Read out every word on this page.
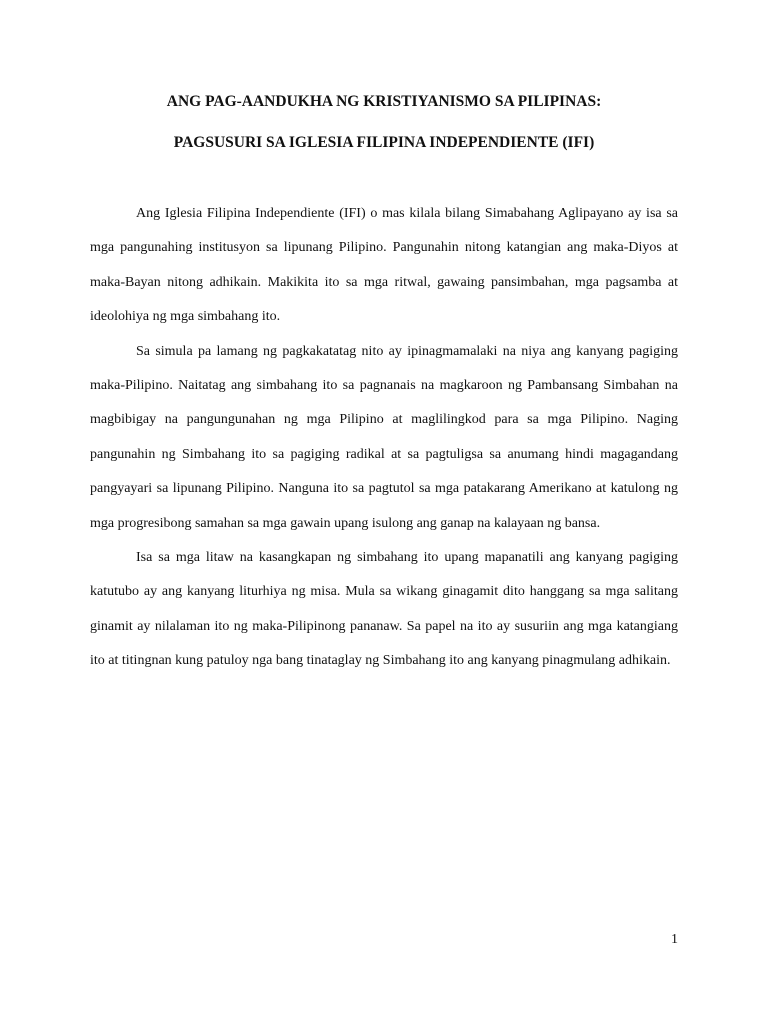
ANG PAG-AANDUKHA NG KRISTIYANISMO SA PILIPINAS:
PAGSUSURI SA IGLESIA FILIPINA INDEPENDIENTE (IFI)

Ang Iglesia Filipina Independiente (IFI) o mas kilala bilang Simabahang Aglipayano ay isa sa mga pangunahing institusyon sa lipunang Pilipino. Pangunahin nitong katangian ang maka-Diyos at maka-Bayan nitong adhikain. Makikita ito sa mga ritwal, gawaing pansimbahan, mga pagsamba at ideolohiya ng mga simbahang ito.

Sa simula pa lamang ng pagkakatatag nito ay ipinagmamalaki na niya ang kanyang pagiging maka-Pilipino. Naitatag ang simbahang ito sa pagnanais na magkaroon ng Pambansang Simbahan na magbibigay na pangungunahan ng mga Pilipino at maglilingkod para sa mga Pilipino. Naging pangunahin ng Simbahang ito sa pagiging radikal at sa pagtuligsa sa anumang hindi magagandang pangyayari sa lipunang Pilipino. Nanguna ito sa pagtutol sa mga patakarang Amerikano at katulong ng mga progresibong samahan sa mga gawain upang isulong ang ganap na kalayaan ng bansa.

Isa sa mga litaw na kasangkapan ng simbahang ito upang mapanatili ang kanyang pagiging katutubo ay ang kanyang liturhiya ng misa. Mula sa wikang ginagamit dito hanggang sa mga salitang ginamit ay nilalaman ito ng maka-Pilipinong pananaw. Sa papel na ito ay susuriin ang mga katangiang ito at titingnan kung patuloy nga bang tinataglay ng Simbahang ito ang kanyang pinagmulang adhikain.

1
